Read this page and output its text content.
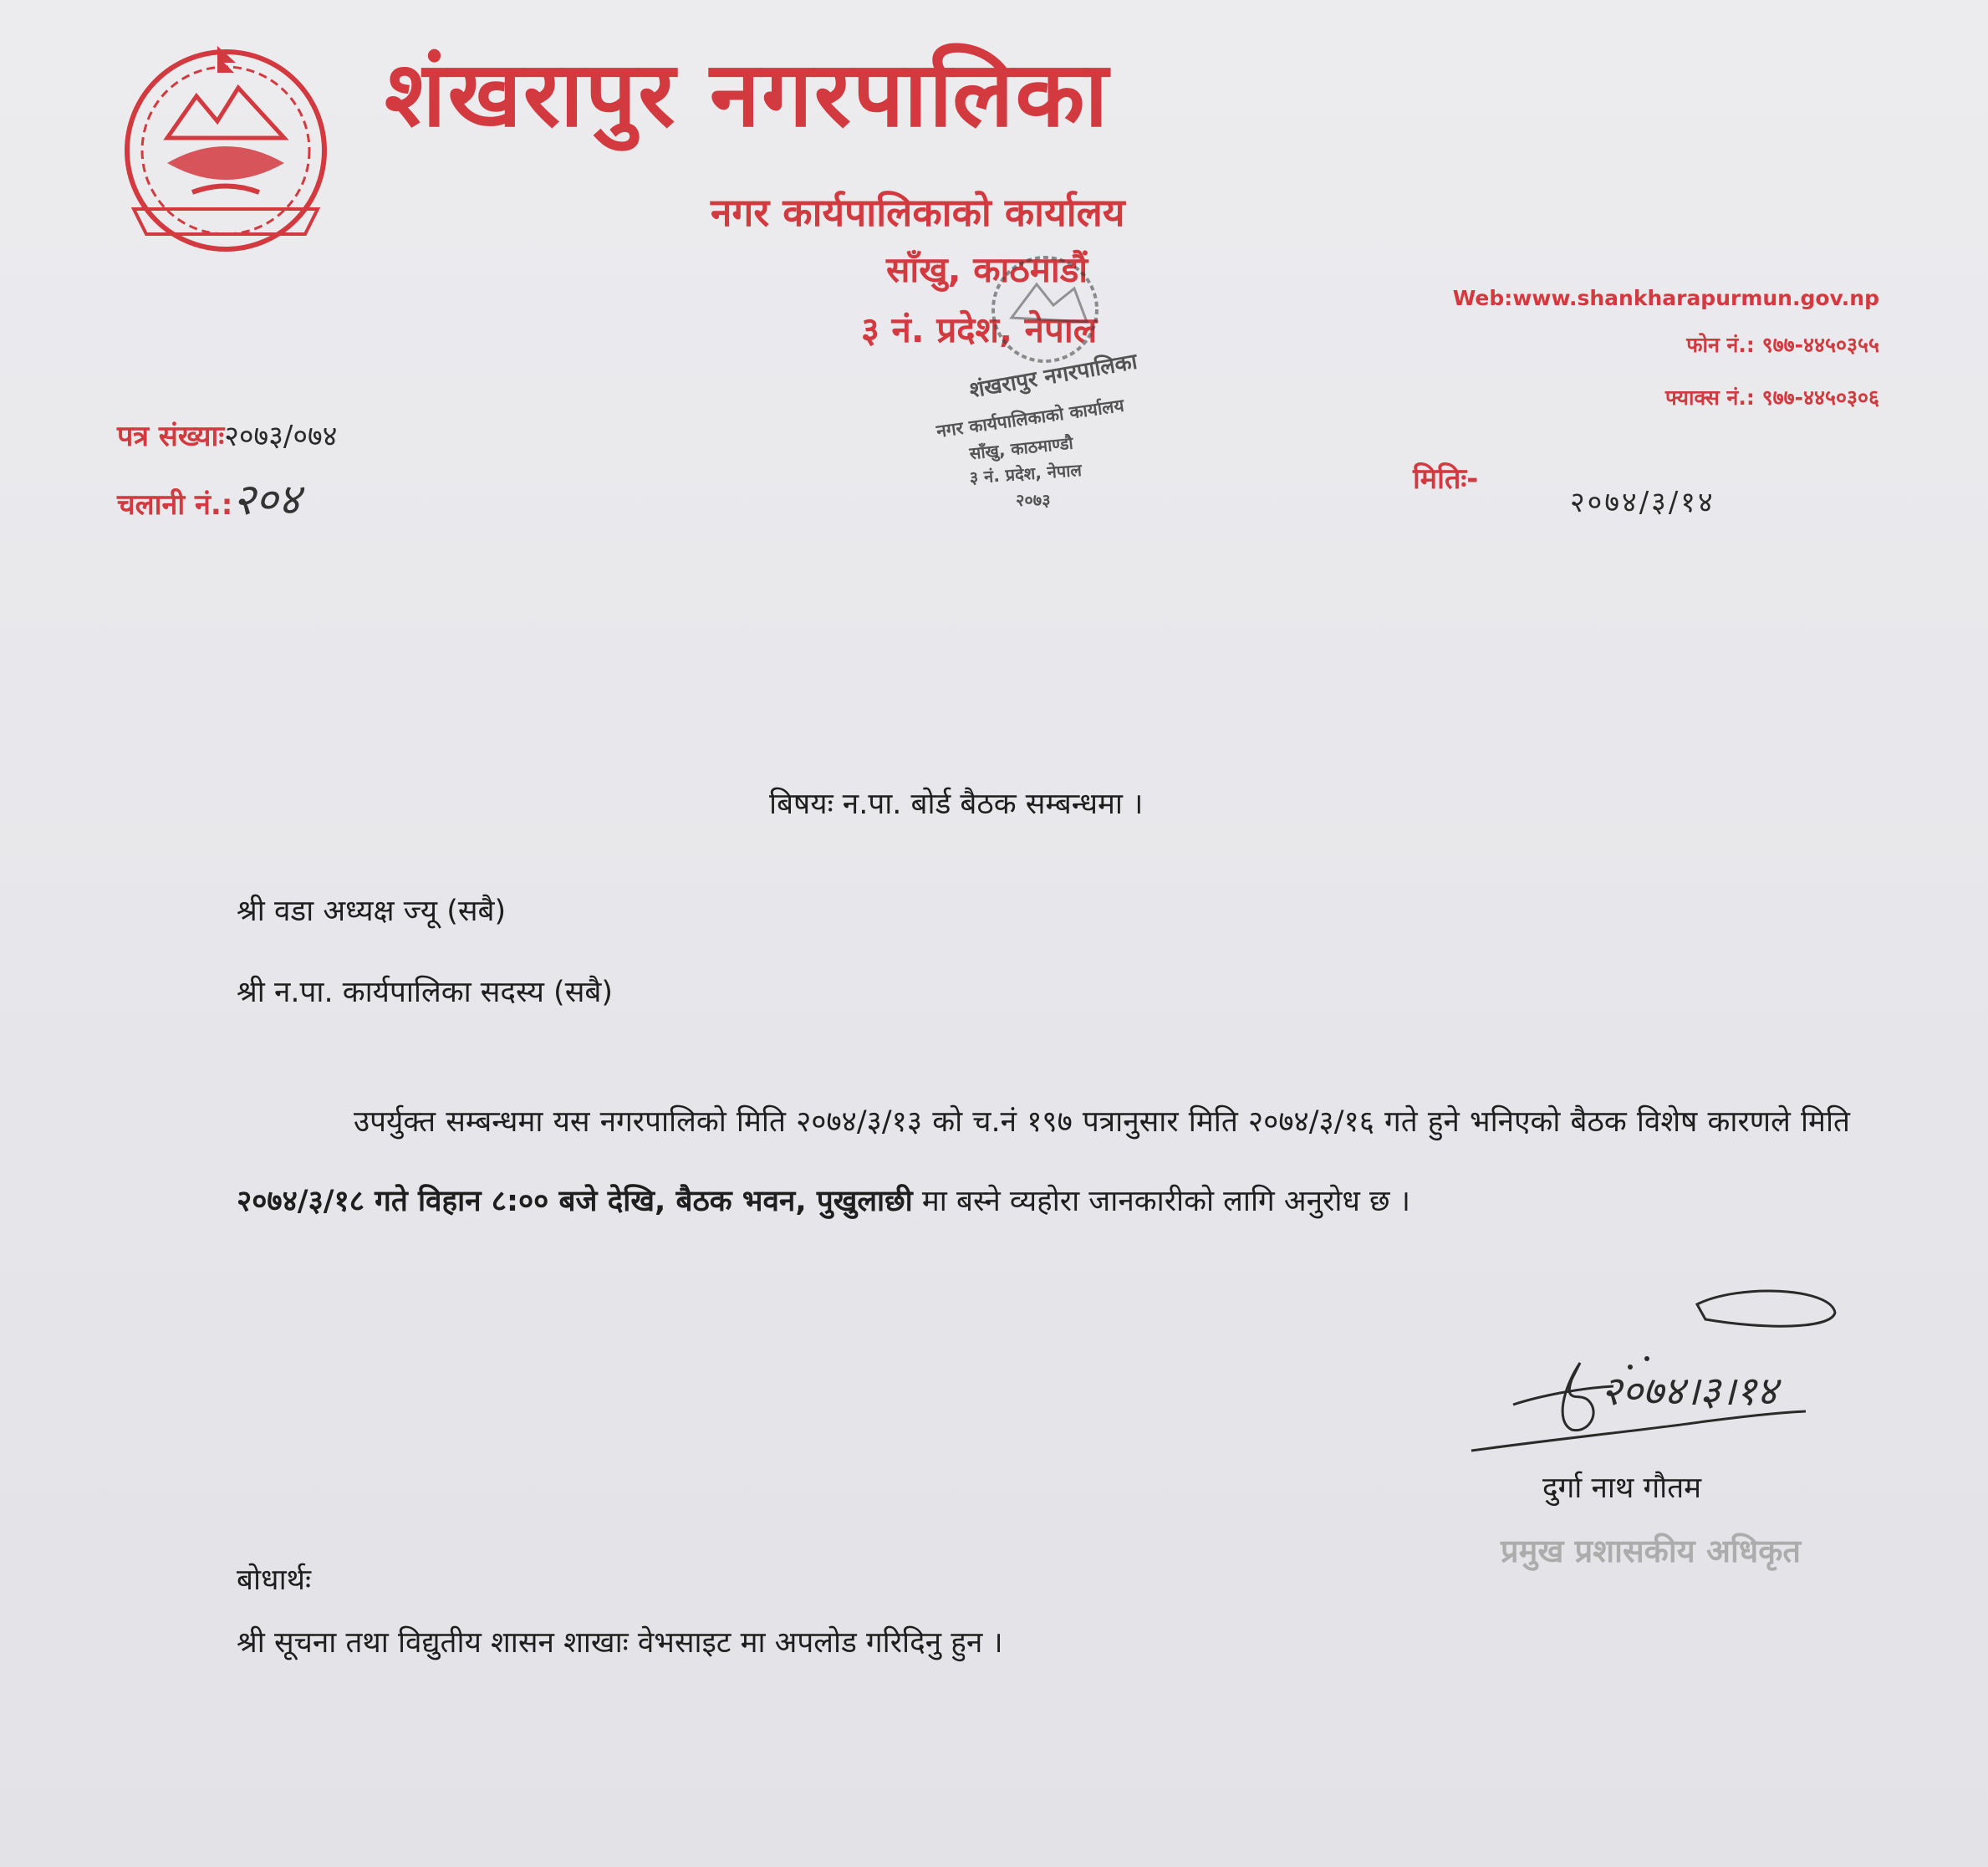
शंखरापुर नगरपालिका
नगर कार्यपालिकाको कार्यालय
साँखु, काठमाडौं
३ नं. प्रदेश, नेपाल
Web:www.shankharapurmun.gov.np
फोन नं.: ९७७-४४५०३५५
फ्याक्स नं.: ९७७-४४५०३०६
पत्र संख्याः२०७३/०७४
चलानी नं.:२०४
शंखरापुर नगरपालिका
नगर कार्यपालिकाको कार्यालय
साँखु, काठमाण्डौ
३ नं. प्रदेश, नेपाल
२०७३
मितिः-
२०७४/३/१४
बिषयः न.पा. बोर्ड बैठक सम्बन्धमा ।
श्री वडा अध्यक्ष ज्यू (सबै)
श्री न.पा. कार्यपालिका सदस्य (सबै)
उपर्युक्त सम्बन्धमा यस नगरपालिको मिति २०७४/३/१३ को च.नं १९७ पत्रानुसार मिति २०७४/३/१६ गते हुने भनिएको बैठक विशेष कारणले मिति २०७४/३/१८ गते विहान ८:०० बजे देखि, बैठक भवन, पुखुलाछी मा बस्ने व्यहोरा जानकारीको लागि अनुरोध छ ।
२०७४।३।१४
दुर्गा नाथ गौतम
प्रमुख प्रशासकीय अधिकृत
बोधार्थः
श्री सूचना तथा विद्युतीय शासन शाखाः वेभसाइट मा अपलोड गरिदिनु हुन ।
